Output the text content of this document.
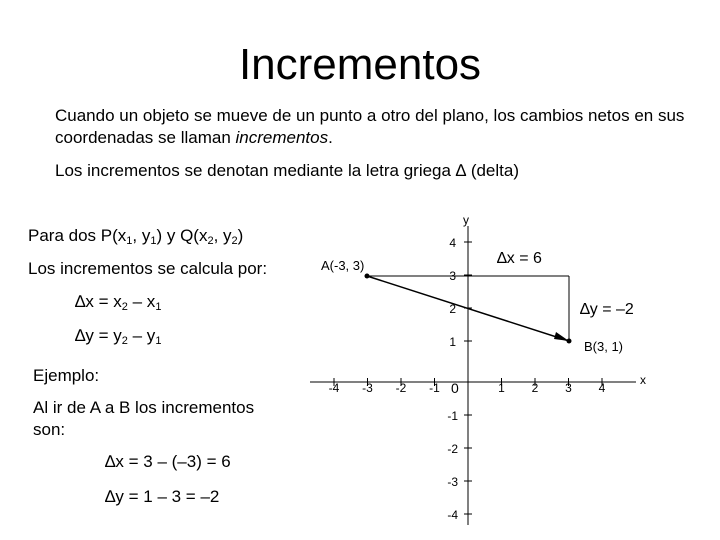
Incrementos
Cuando un objeto se mueve de un punto a otro del plano, los cambios netos en sus coordenadas se llaman incrementos.
Los incrementos se denotan mediante la letra griega ∆ (delta)
Para dos $P(x_1$, $y_1$) y $Q(x_2$, $y_2$)
Los incrementos se calcula por:
$\Delta x = x_2 - x_1$
$\Delta y = y_2 - y_1$
Ejemplo:
Al ir de A a B los incrementos
son:
∆x = 3 – (–3) = 6
∆y = 1 – 3 = –2
x
y
-4 -3 -2 -1	1 2 3 4
4
3
2
1
-1
-2
-3
-4
0
A(-3, 3)
B(3, 1)
∆x = 6
∆y = –2
